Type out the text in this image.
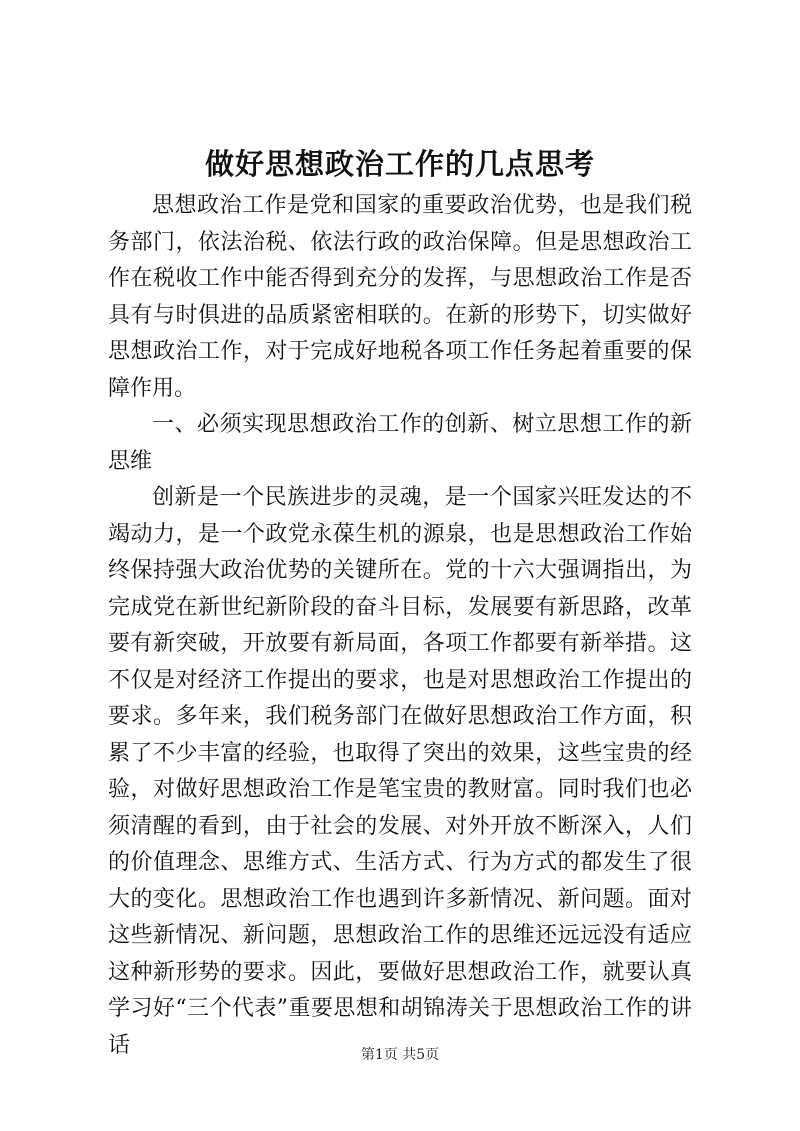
做好思想政治工作的几点思考

思想政治工作是党和国家的重要政治优势，也是我们税务部门，依法治税、依法行政的政治保障。但是思想政治工作在税收工作中能否得到充分的发挥，与思想政治工作是否具有与时俱进的品质紧密相联的。在新的形势下，切实做好思想政治工作，对于完成好地税各项工作任务起着重要的保障作用。

一、必须实现思想政治工作的创新、树立思想工作的新思维

创新是一个民族进步的灵魂，是一个国家兴旺发达的不竭动力，是一个政党永葆生机的源泉，也是思想政治工作始终保持强大政治优势的关键所在。党的十六大强调指出，为完成党在新世纪新阶段的奋斗目标，发展要有新思路，改革要有新突破，开放要有新局面，各项工作都要有新举措。这不仅是对经济工作提出的要求，也是对思想政治工作提出的要求。多年来，我们税务部门在做好思想政治工作方面，积累了不少丰富的经验，也取得了突出的效果，这些宝贵的经验，对做好思想政治工作是笔宝贵的教财富。同时我们也必须清醒的看到，由于社会的发展、对外开放不断深入，人们的价值理念、思维方式、生活方式、行为方式的都发生了很大的变化。思想政治工作也遇到许多新情况、新问题。面对这些新情况、新问题，思想政治工作的思维还远远没有适应这种新形势的要求。因此，要做好思想政治工作，就要认真学习好“三个代表”重要思想和胡锦涛关于思想政治工作的讲话	第1页 共5页
